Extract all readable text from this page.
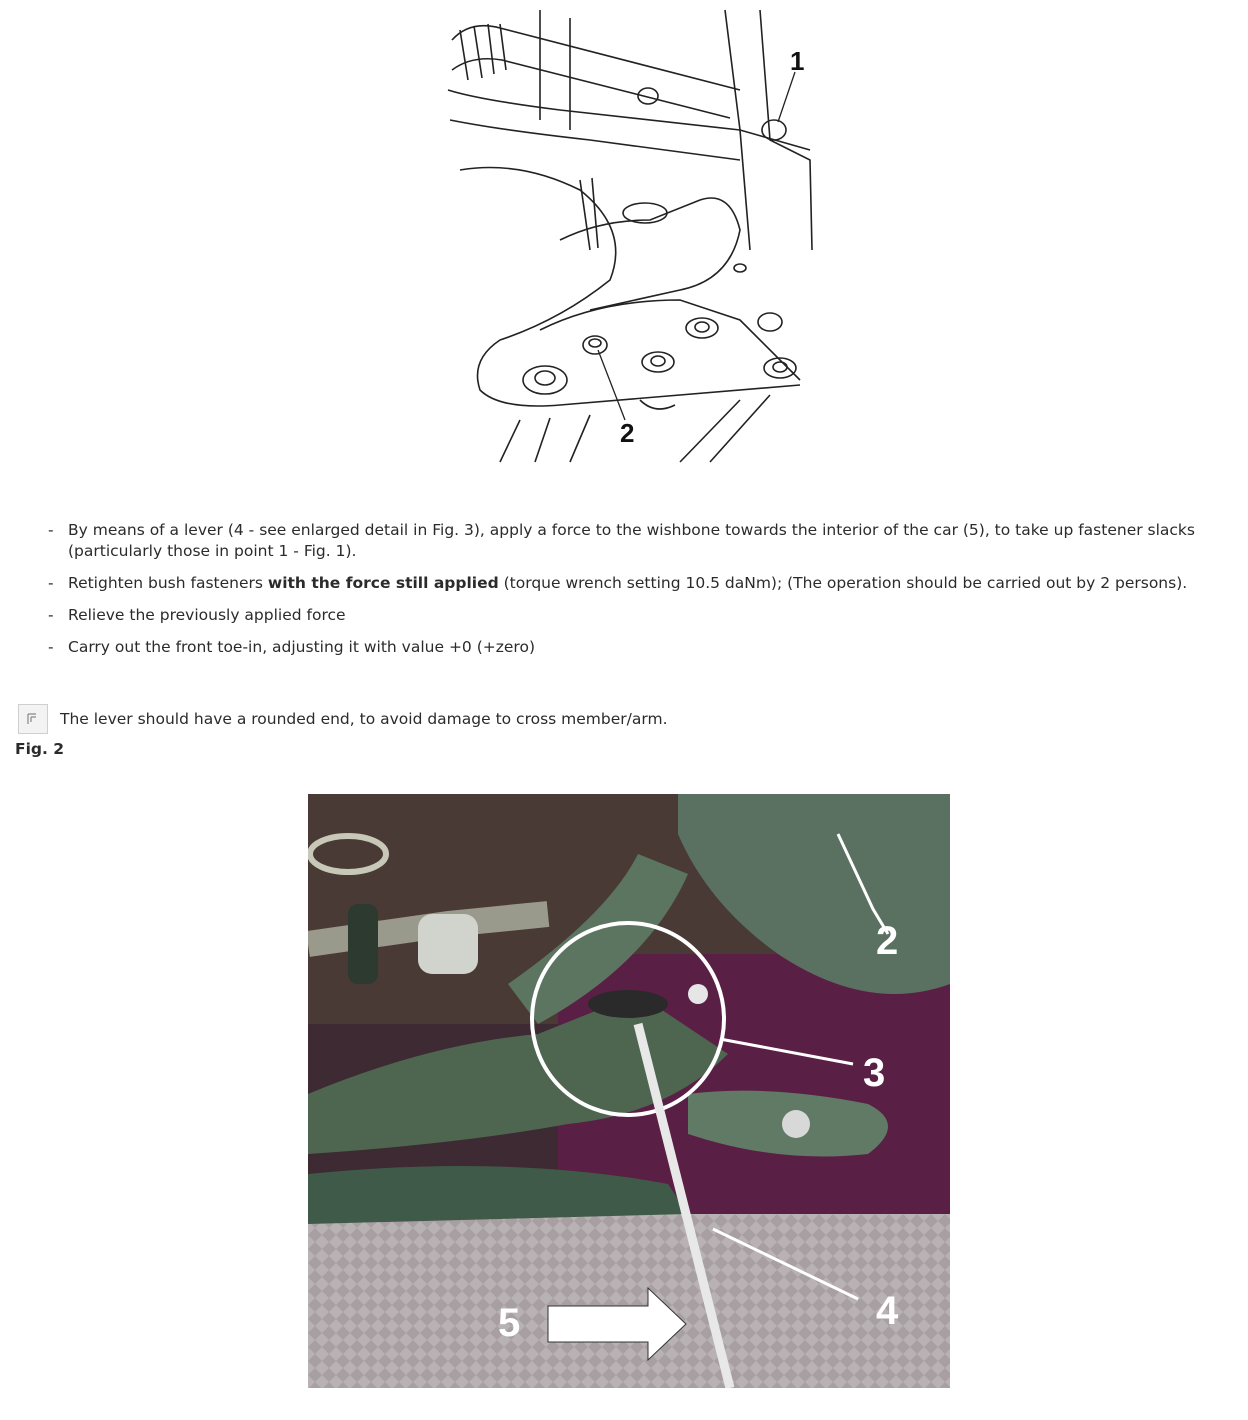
1
2
- By means of a lever (4 - see enlarged detail in Fig. 3), apply a force to the wishbone towards the interior of the car (5), to take up fastener slacks (particularly those in point 1 - Fig. 1).
- Retighten bush fasteners with the force still applied (torque wrench setting 10.5 daNm); (The operation should be carried out by 2 persons).
- Relieve the previously applied force
- Carry out the front toe-in, adjusting it with value +0 (+zero)
The lever should have a rounded end, to avoid damage to cross member/arm.
Fig. 2
2
3
4
5
